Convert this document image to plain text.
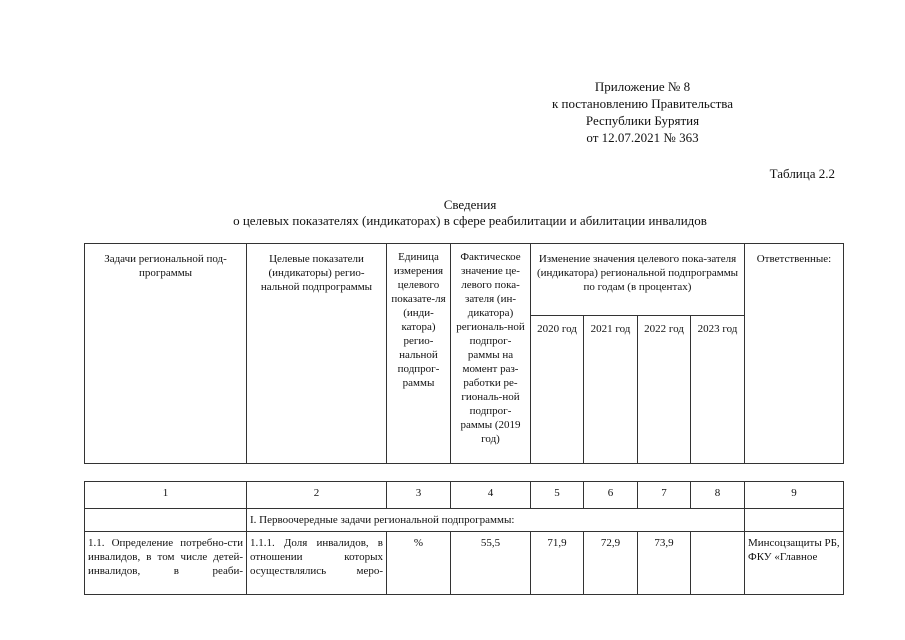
Приложение № 8
к постановлению Правительства
Республики Бурятия
от 12.07.2021 № 363
Таблица 2.2
Сведения
о целевых показателях (индикаторах) в сфере реабилитации и абилитации инвалидов
Задачи региональной под-программы	Целевые показатели (индикаторы) регио-нальной подпрограммы	Единица измерения целевого показате-ля (инди-катора) регио-нальной подпрог-раммы	Фактическое значение це-левого пока-зателя (ин-дикатора) региональ-ной подпрог-раммы на момент раз-работки ре-гиональ-ной подпрог-раммы (2019 год)	Изменение значения целевого пока-зателя (индикатора) региональной подпрограммы по годам (в процентах)				Ответственные:
				2020 год	2021 год	2022 год	2023 год	
1	2	3	4	5	6	7	8	9
	I. Первоочередные задачи региональной подпрограммы:							
1.1. Определение потребно-сти инвалидов, в том числе детей-инвалидов, в реаби-	1.1.1. Доля инвалидов, в отношении которых осуществлялись меро-	%	55,5	71,9	72,9	73,9		Минсоцзащиты РБ, ФКУ «Главное
